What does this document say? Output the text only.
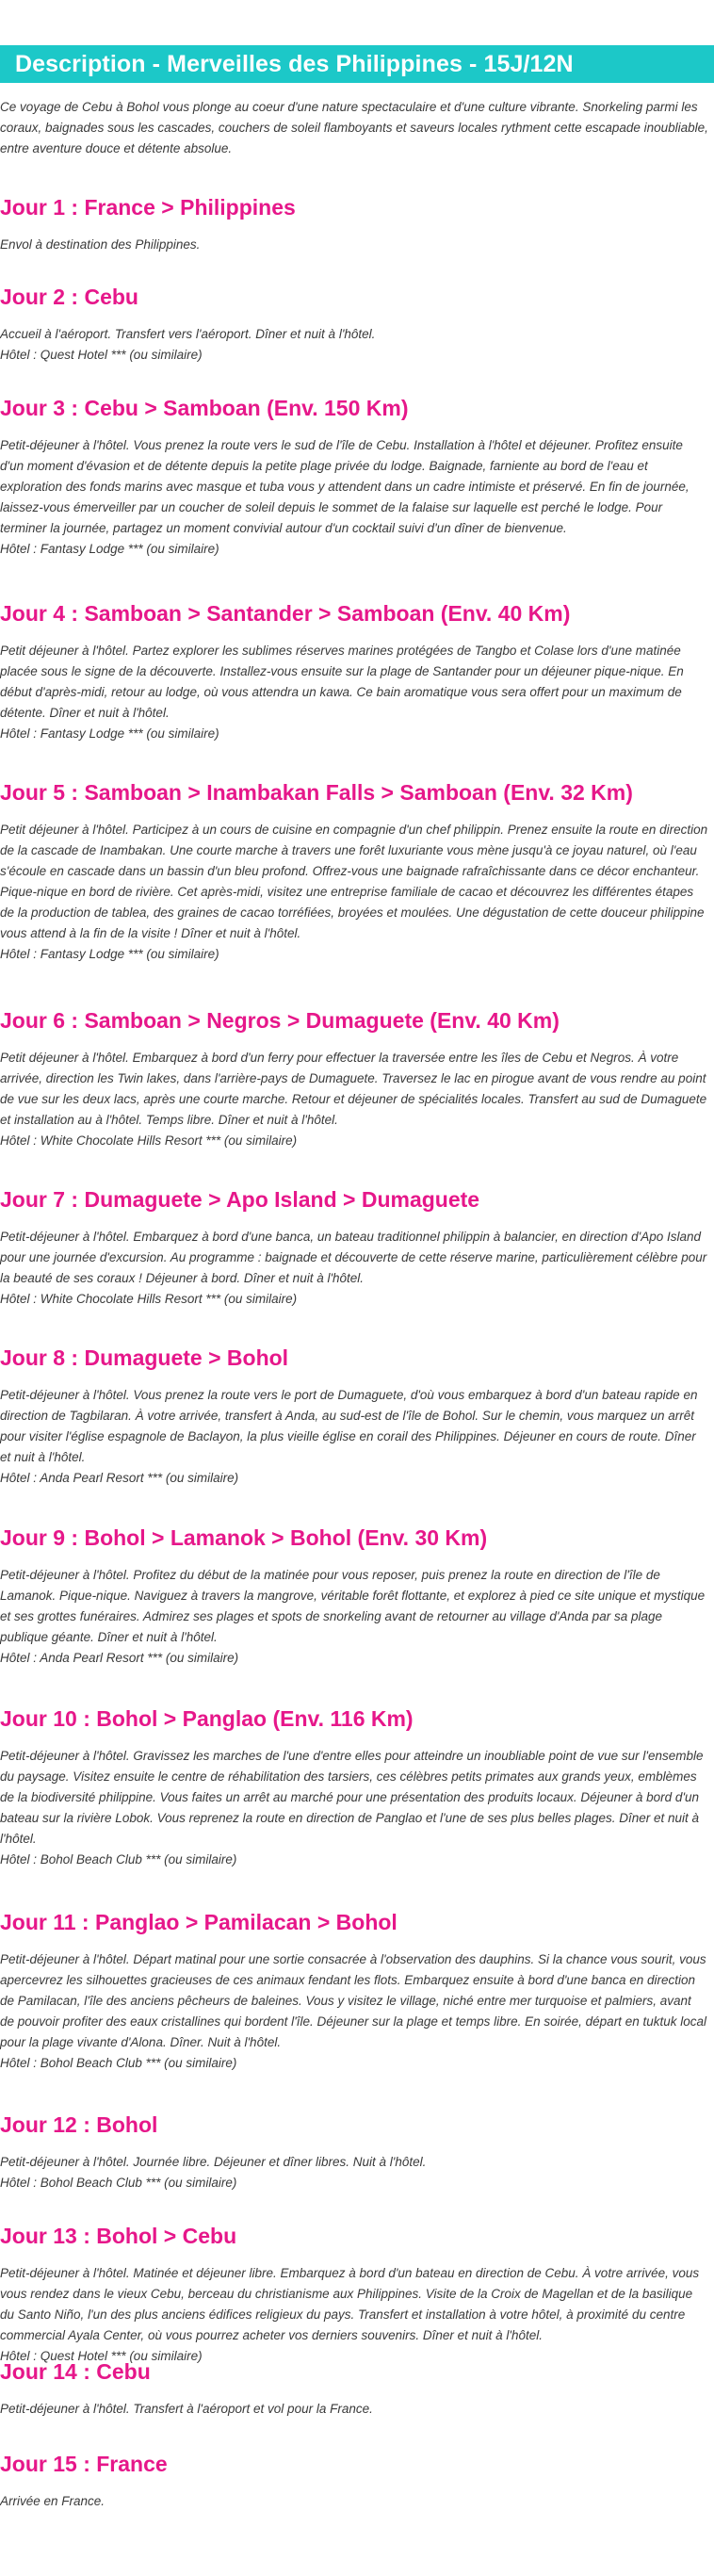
Description - Merveilles des Philippines - 15J/12N

Ce voyage de Cebu à Bohol vous plonge au coeur d'une nature spectaculaire et d'une culture vibrante. Snorkeling parmi les coraux, baignades sous les cascades, couchers de soleil flamboyants et saveurs locales rythment cette escapade inoubliable, entre aventure douce et détente absolue.

Jour 1 : France > Philippines

Envol à destination des Philippines.

Jour 2 : Cebu

Accueil à l'aéroport. Transfert vers l'aéroport. Dîner et nuit à l'hôtel.
Hôtel : Quest Hotel *** (ou similaire)

Jour 3 : Cebu > Samboan (Env. 150 Km)

Petit-déjeuner à l'hôtel. Vous prenez la route vers le sud de l'île de Cebu. Installation à l'hôtel et déjeuner. Profitez ensuite d'un moment d'évasion et de détente depuis la petite plage privée du lodge. Baignade, farniente au bord de l'eau et exploration des fonds marins avec masque et tuba vous y attendent dans un cadre intimiste et préservé. En fin de journée, laissez-vous émerveiller par un coucher de soleil depuis le sommet de la falaise sur laquelle est perché le lodge. Pour terminer la journée, partagez un moment convivial autour d'un cocktail suivi d'un dîner de bienvenue.
Hôtel : Fantasy Lodge *** (ou similaire)

Jour 4 : Samboan > Santander > Samboan (Env. 40 Km)

Petit déjeuner à l'hôtel. Partez explorer les sublimes réserves marines protégées de Tangbo et Colase lors d'une matinée placée sous le signe de la découverte. Installez-vous ensuite sur la plage de Santander pour un déjeuner pique-nique. En début d'après-midi, retour au lodge, où vous attendra un kawa. Ce bain aromatique vous sera offert pour un maximum de détente. Dîner et nuit à l'hôtel.
Hôtel : Fantasy Lodge *** (ou similaire)

Jour 5 : Samboan > Inambakan Falls > Samboan (Env. 32 Km)

Petit déjeuner à l'hôtel. Participez à un cours de cuisine en compagnie d'un chef philippin. Prenez ensuite la route en direction de la cascade de Inambakan. Une courte marche à travers une forêt luxuriante vous mène jusqu'à ce joyau naturel, où l'eau s'écoule en cascade dans un bassin d'un bleu profond. Offrez-vous une baignade rafraîchissante dans ce décor enchanteur. Pique-nique en bord de rivière. Cet après-midi, visitez une entreprise familiale de cacao et découvrez les différentes étapes de la production de tablea, des graines de cacao torréfiées, broyées et moulées. Une dégustation de cette douceur philippine vous attend à la fin de la visite ! Dîner et nuit à l'hôtel.
Hôtel : Fantasy Lodge *** (ou similaire)

Jour 6 : Samboan > Negros > Dumaguete (Env. 40 Km)

Petit déjeuner à l'hôtel. Embarquez à bord d'un ferry pour effectuer la traversée entre les îles de Cebu et Negros. À votre arrivée, direction les Twin lakes, dans l'arrière-pays de Dumaguete. Traversez le lac en pirogue avant de vous rendre au point de vue sur les deux lacs, après une courte marche. Retour et déjeuner de spécialités locales. Transfert au sud de Dumaguete et installation au à l'hôtel. Temps libre. Dîner et nuit à l'hôtel.
Hôtel : White Chocolate Hills Resort *** (ou similaire)

Jour 7 : Dumaguete > Apo Island > Dumaguete

Petit-déjeuner à l'hôtel. Embarquez à bord d'une banca, un bateau traditionnel philippin à balancier, en direction d'Apo Island pour une journée d'excursion. Au programme : baignade et découverte de cette réserve marine, particulièrement célèbre pour la beauté de ses coraux ! Déjeuner à bord. Dîner et nuit à l'hôtel.
Hôtel : White Chocolate Hills Resort *** (ou similaire)

Jour 8 : Dumaguete > Bohol

Petit-déjeuner à l'hôtel. Vous prenez la route vers le port de Dumaguete, d'où vous embarquez à bord d'un bateau rapide en direction de Tagbilaran. À votre arrivée, transfert à Anda, au sud-est de l'île de Bohol. Sur le chemin, vous marquez un arrêt pour visiter l'église espagnole de Baclayon, la plus vieille église en corail des Philippines. Déjeuner en cours de route. Dîner et nuit à l'hôtel.
Hôtel : Anda Pearl Resort *** (ou similaire)

Jour 9 : Bohol > Lamanok > Bohol (Env. 30 Km)

Petit-déjeuner à l'hôtel. Profitez du début de la matinée pour vous reposer, puis prenez la route en direction de l'île de Lamanok. Pique-nique. Naviguez à travers la mangrove, véritable forêt flottante, et explorez à pied ce site unique et mystique et ses grottes funéraires. Admirez ses plages et spots de snorkeling avant de retourner au village d'Anda par sa plage publique géante. Dîner et nuit à l'hôtel.
Hôtel : Anda Pearl Resort *** (ou similaire)

Jour 10 : Bohol > Panglao (Env. 116 Km)

Petit-déjeuner à l'hôtel. Gravissez les marches de l'une d'entre elles pour atteindre un inoubliable point de vue sur l'ensemble du paysage. Visitez ensuite le centre de réhabilitation des tarsiers, ces célèbres petits primates aux grands yeux, emblèmes de la biodiversité philippine. Vous faites un arrêt au marché pour une présentation des produits locaux. Déjeuner à bord d'un bateau sur la rivière Lobok. Vous reprenez la route en direction de Panglao et l'une de ses plus belles plages. Dîner et nuit à l'hôtel.
Hôtel : Bohol Beach Club *** (ou similaire)

Jour 11 : Panglao > Pamilacan > Bohol

Petit-déjeuner à l'hôtel. Départ matinal pour une sortie consacrée à l'observation des dauphins. Si la chance vous sourit, vous apercevrez les silhouettes gracieuses de ces animaux fendant les flots. Embarquez ensuite à bord d'une banca en direction de Pamilacan, l'île des anciens pêcheurs de baleines. Vous y visitez le village, niché entre mer turquoise et palmiers, avant de pouvoir profiter des eaux cristallines qui bordent l'île. Déjeuner sur la plage et temps libre. En soirée, départ en tuktuk local pour la plage vivante d'Alona. Dîner. Nuit à l'hôtel.
Hôtel : Bohol Beach Club *** (ou similaire)

Jour 12 : Bohol

Petit-déjeuner à l'hôtel. Journée libre. Déjeuner et dîner libres. Nuit à l'hôtel.
Hôtel : Bohol Beach Club *** (ou similaire)

Jour 13 : Bohol > Cebu

Petit-déjeuner à l'hôtel. Matinée et déjeuner libre. Embarquez à bord d'un bateau en direction de Cebu. À votre arrivée, vous vous rendez dans le vieux Cebu, berceau du christianisme aux Philippines. Visite de la Croix de Magellan et de la basilique du Santo Niño, l'un des plus anciens édifices religieux du pays. Transfert et installation à votre hôtel, à proximité du centre commercial Ayala Center, où vous pourrez acheter vos derniers souvenirs. Dîner et nuit à l'hôtel.
Hôtel : Quest Hotel *** (ou similaire)

Jour 14 : Cebu

Petit-déjeuner à l'hôtel. Transfert à l'aéroport et vol pour la France.

Jour 15 : France

Arrivée en France.
